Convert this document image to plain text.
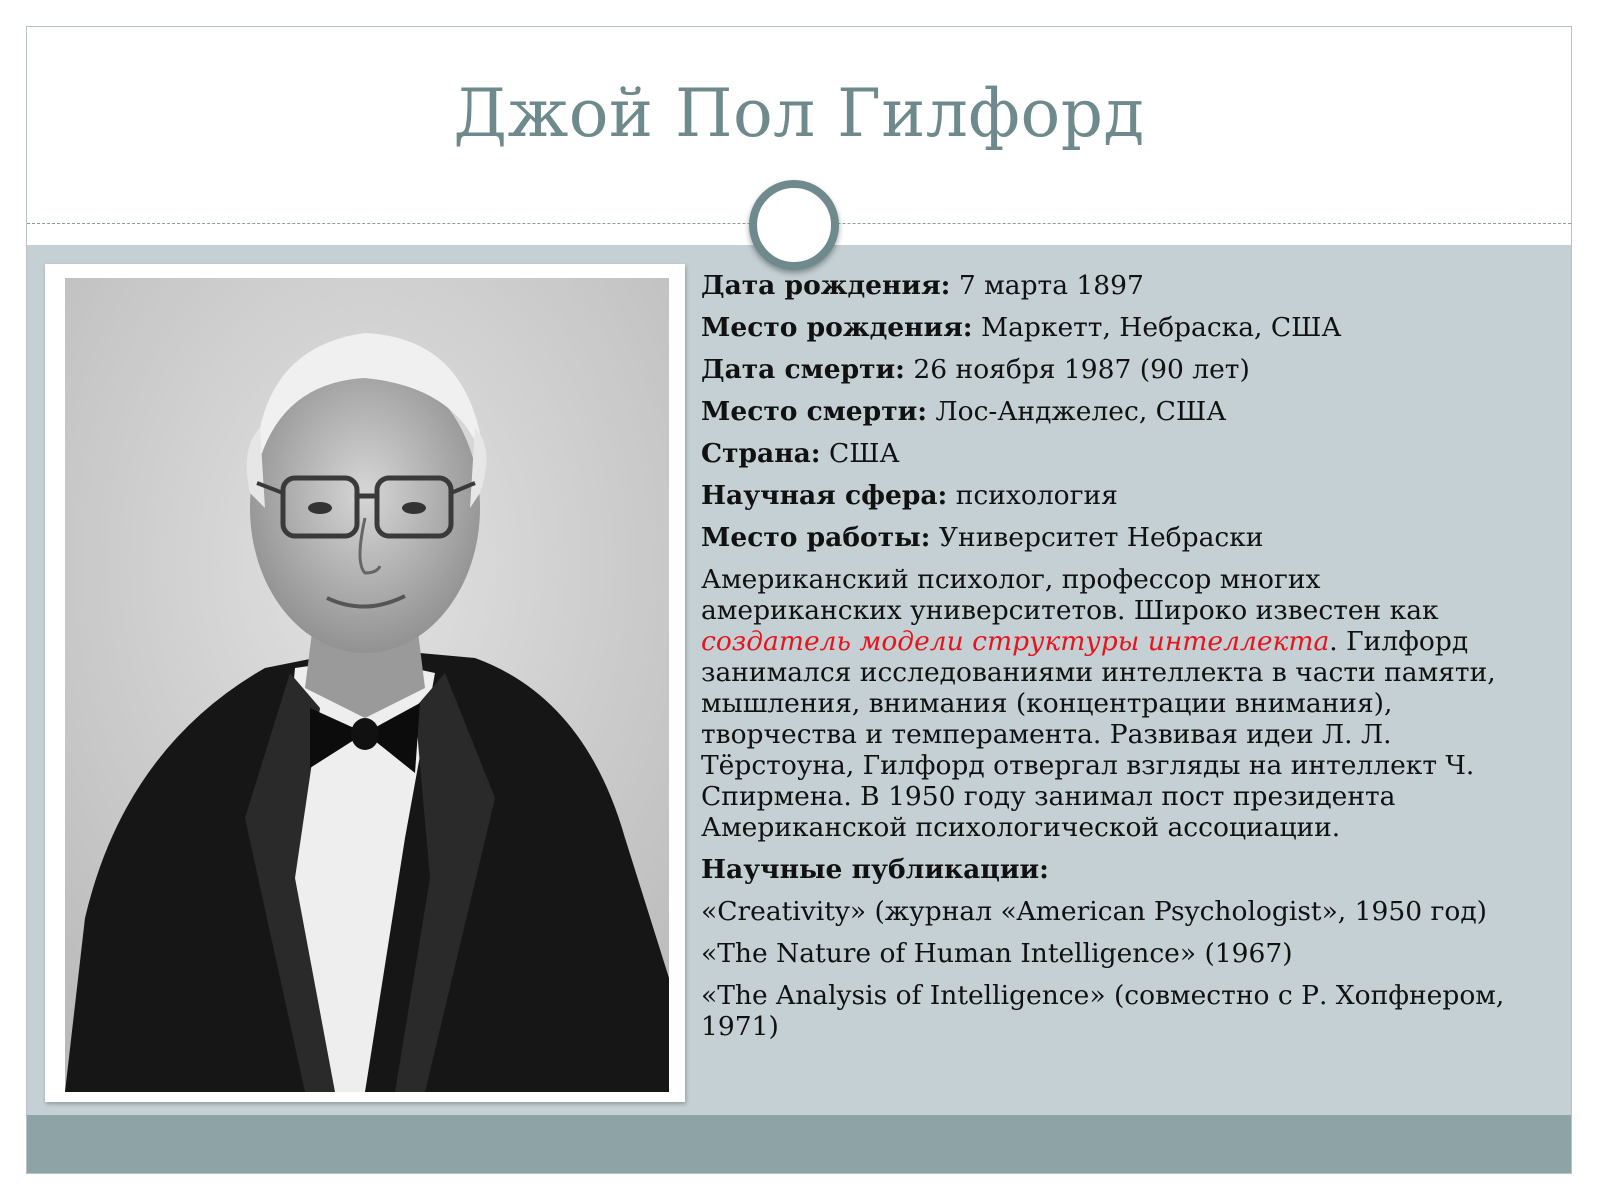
Джой Пол Гилфорд
Дата рождения: 7 марта 1897
Место рождения: Маркетт, Небраска, США
Дата смерти: 26 ноября 1987 (90 лет)
Место смерти: Лос-Анджелес, США
Страна: США
Научная сфера: психология
Место работы: Университет Небраски
Американский психолог, профессор многих американских университетов. Широко известен как создатель модели структуры интеллекта. Гилфорд занимался исследованиями интеллекта в части памяти, мышления, внимания (концентрации внимания), творчества и темперамента. Развивая идеи Л. Л. Тёрстоуна, Гилфорд отвергал взгляды на интеллект Ч. Спирмена. В 1950 году занимал пост президента Американской психологической ассоциации.
Научные публикации:
«Creativity» (журнал «American Psychologist», 1950 год)
«The Nature of Human Intelligence» (1967)
«The Analysis of Intelligence» (совместно с Р. Хопфнером, 1971)
